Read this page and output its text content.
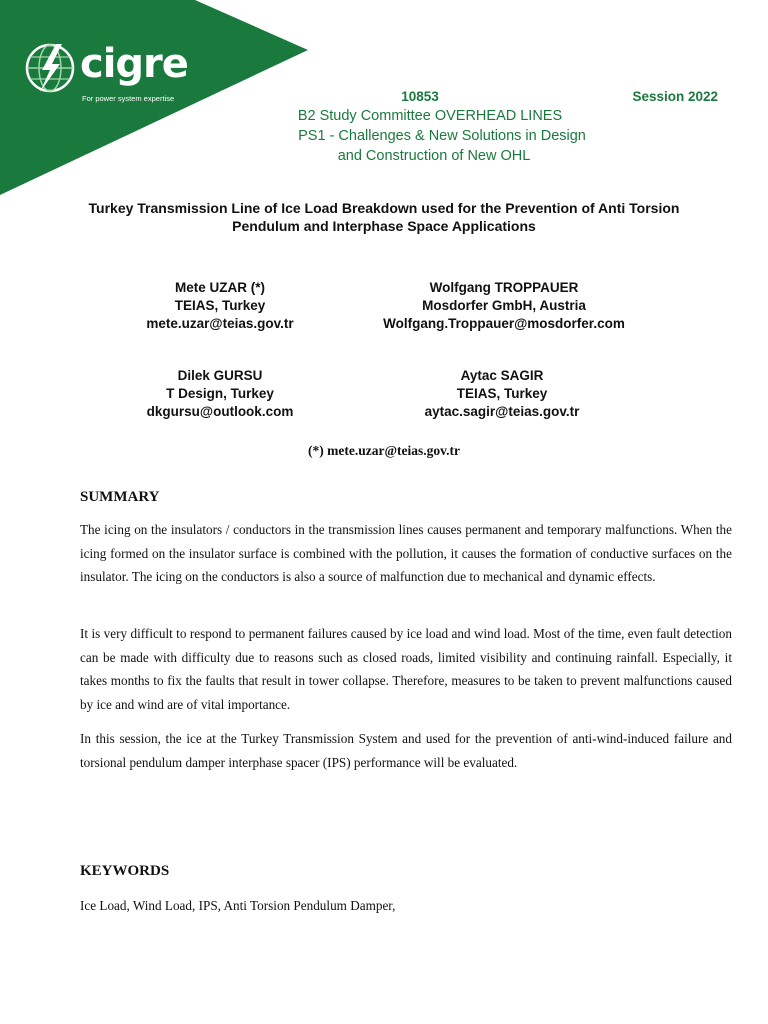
cigre
For power system expertise	10853	Session 2022
B2 Study Committee OVERHEAD LINES
PS1 - Challenges & New Solutions in Design
and Construction of New OHL
Turkey Transmission Line of Ice Load Breakdown used for the Prevention of Anti Torsion
Pendulum and Interphase Space Applications
Mete UZAR (*)
TEIAS, Turkey
mete.uzar@teias.gov.tr
Wolfgang TROPPAUER
Mosdorfer GmbH, Austria
Wolfgang.Troppauer@mosdorfer.com
Dilek GURSU
T Design, Turkey
dkgursu@outlook.com
Aytac SAGIR
TEIAS, Turkey
aytac.sagir@teias.gov.tr
(*) mete.uzar@teias.gov.tr
SUMMARY

The icing on the insulators / conductors in the transmission lines causes permanent and temporary malfunctions. When the icing formed on the insulator surface is combined with the pollution, it causes the formation of conductive surfaces on the insulator. The icing on the conductors is also a source of malfunction due to mechanical and dynamic effects.

It is very difficult to respond to permanent failures caused by ice load and wind load. Most of the time, even fault detection can be made with difficulty due to reasons such as closed roads, limited visibility and continuing rainfall. Especially, it takes months to fix the faults that result in tower collapse. Therefore, measures to be taken to prevent malfunctions caused by ice and wind are of vital importance.

In this session, the ice at the Turkey Transmission System and used for the prevention of anti-wind-induced failure and torsional pendulum damper interphase spacer (IPS) performance will be evaluated.

KEYWORDS
Ice Load, Wind Load, IPS, Anti Torsion Pendulum Damper,
